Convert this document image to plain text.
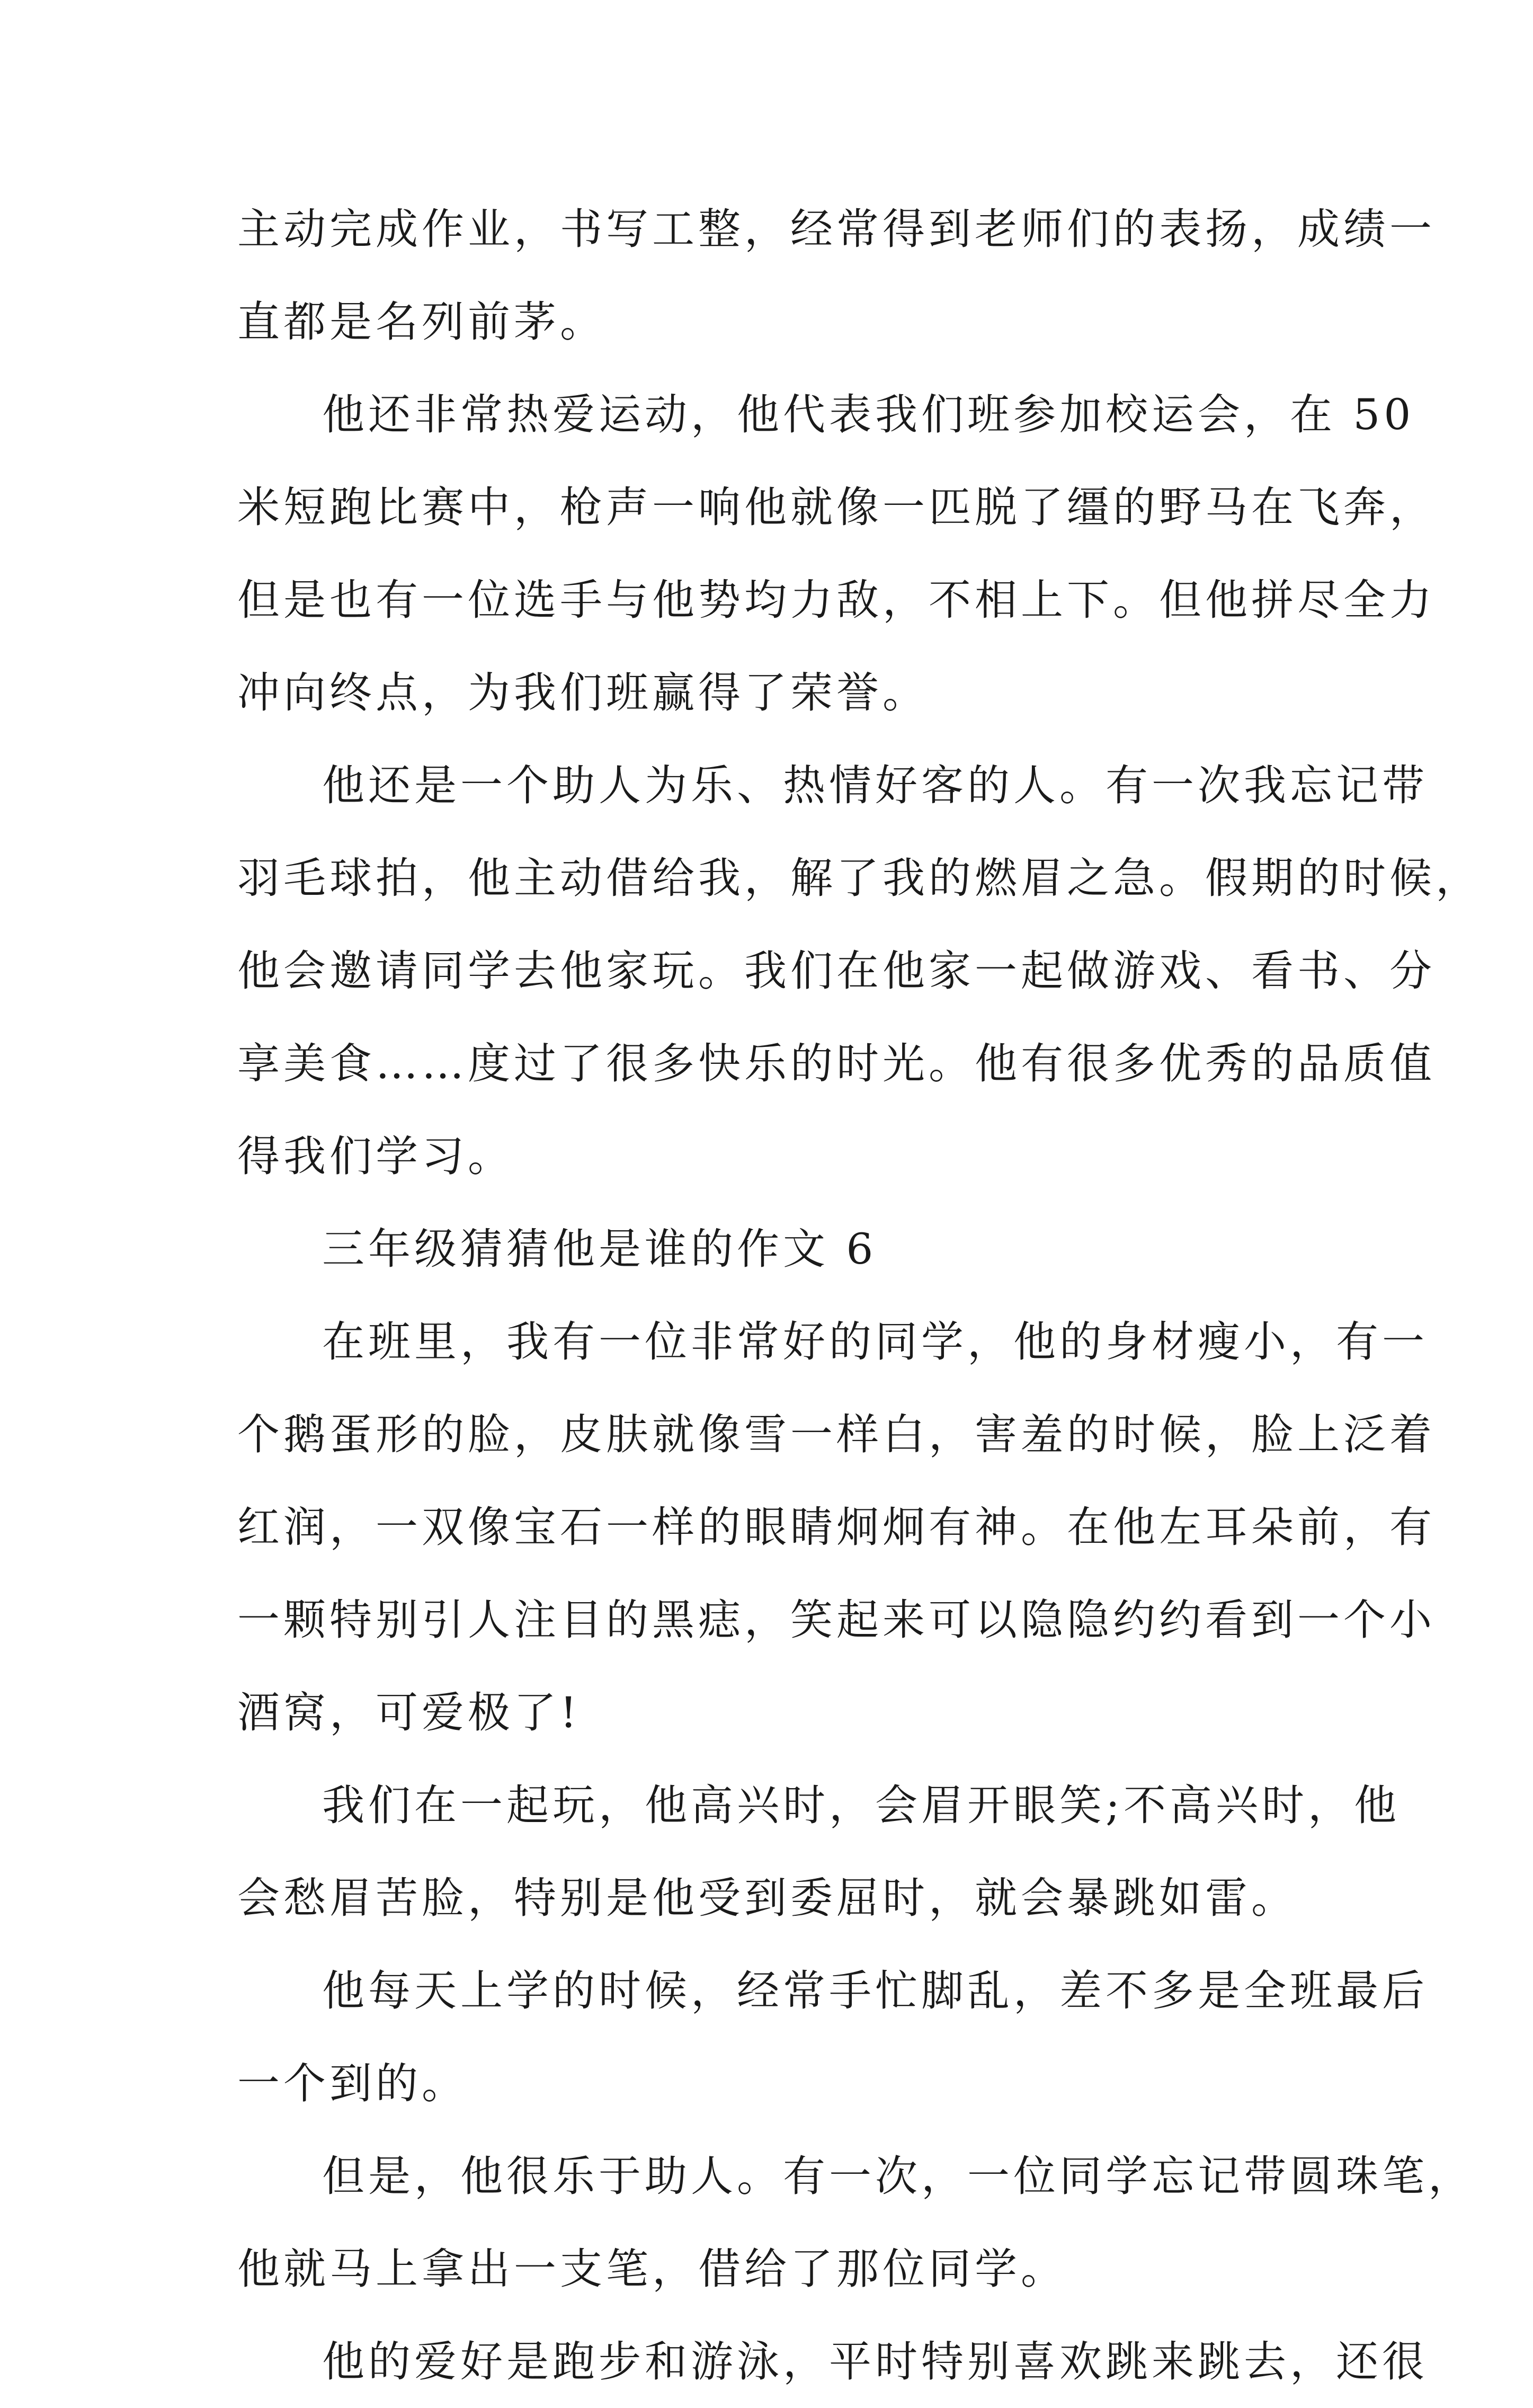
主动完成作业，书写工整，经常得到老师们的表扬，成绩一

直都是名列前茅。

他还非常热爱运动，他代表我们班参加校运会，在 50

米短跑比赛中，枪声一响他就像一匹脱了缰的野马在飞奔，

但是也有一位选手与他势均力敌，不相上下。但他拼尽全力

冲向终点，为我们班赢得了荣誉。

他还是一个助人为乐、热情好客的人。有一次我忘记带

羽毛球拍，他主动借给我，解了我的燃眉之急。假期的时候，

他会邀请同学去他家玩。我们在他家一起做游戏、看书、分

享美食……度过了很多快乐的时光。他有很多优秀的品质值

得我们学习。

三年级猜猜他是谁的作文 6

在班里，我有一位非常好的同学，他的身材瘦小，有一

个鹅蛋形的脸，皮肤就像雪一样白，害羞的时候，脸上泛着

红润，一双像宝石一样的眼睛炯炯有神。在他左耳朵前，有

一颗特别引人注目的黑痣，笑起来可以隐隐约约看到一个小

酒窝，可爱极了!

我们在一起玩，他高兴时，会眉开眼笑;不高兴时，他

会愁眉苦脸，特别是他受到委屈时，就会暴跳如雷。

他每天上学的时候，经常手忙脚乱，差不多是全班最后

一个到的。

但是，他很乐于助人。有一次，一位同学忘记带圆珠笔，

他就马上拿出一支笔，借给了那位同学。

他的爱好是跑步和游泳，平时特别喜欢跳来跳去，还很
